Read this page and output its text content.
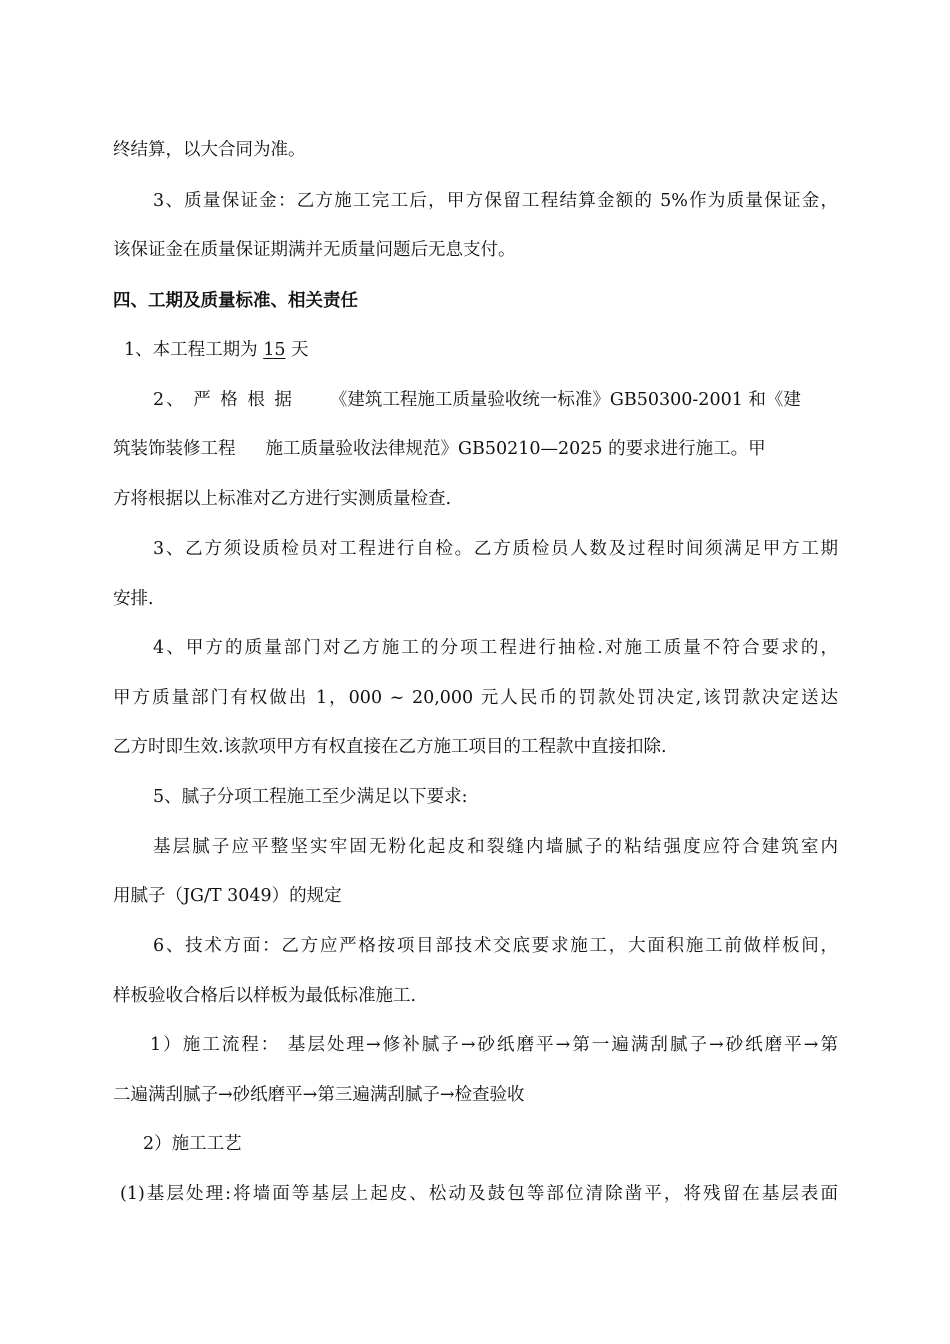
终结算，以大合同为准。
3、质量保证金：乙方施工完工后，甲方保留工程结算金额的 5%作为质量保证金，
该保证金在质量保证期满并无质量问题后无息支付。
四、工期及质量标准、相关责任
1、本工程工期为 15 天
2、 严 格 根 据 《建筑工程施工质量验收统一标准》GB50300-2001 和《建
筑装饰装修工程 施工质量验收法律规范》GB50210—2025 的要求进行施工。甲
方将根据以上标准对乙方进行实测质量检查.
3、乙方须设质检员对工程进行自检。乙方质检员人数及过程时间须满足甲方工期
安排.
4、甲方的质量部门对乙方施工的分项工程进行抽检.对施工质量不符合要求的，
甲方质量部门有权做出 1，000 ~ 20,000 元人民币的罚款处罚决定,该罚款决定送达
乙方时即生效.该款项甲方有权直接在乙方施工项目的工程款中直接扣除.
5、腻子分项工程施工至少满足以下要求:
基层腻子应平整坚实牢固无粉化起皮和裂缝内墙腻子的粘结强度应符合建筑室内
用腻子（JG/T 3049）的规定
6、技术方面：乙方应严格按项目部技术交底要求施工，大面积施工前做样板间，
样板验收合格后以样板为最低标准施工.
1）施工流程： 基层处理→修补腻子→砂纸磨平→第一遍满刮腻子→砂纸磨平→第
二遍满刮腻子→砂纸磨平→第三遍满刮腻子→检查验收
2）施工工艺
(1)基层处理:将墙面等基层上起皮、松动及鼓包等部位清除凿平，将残留在基层表面
